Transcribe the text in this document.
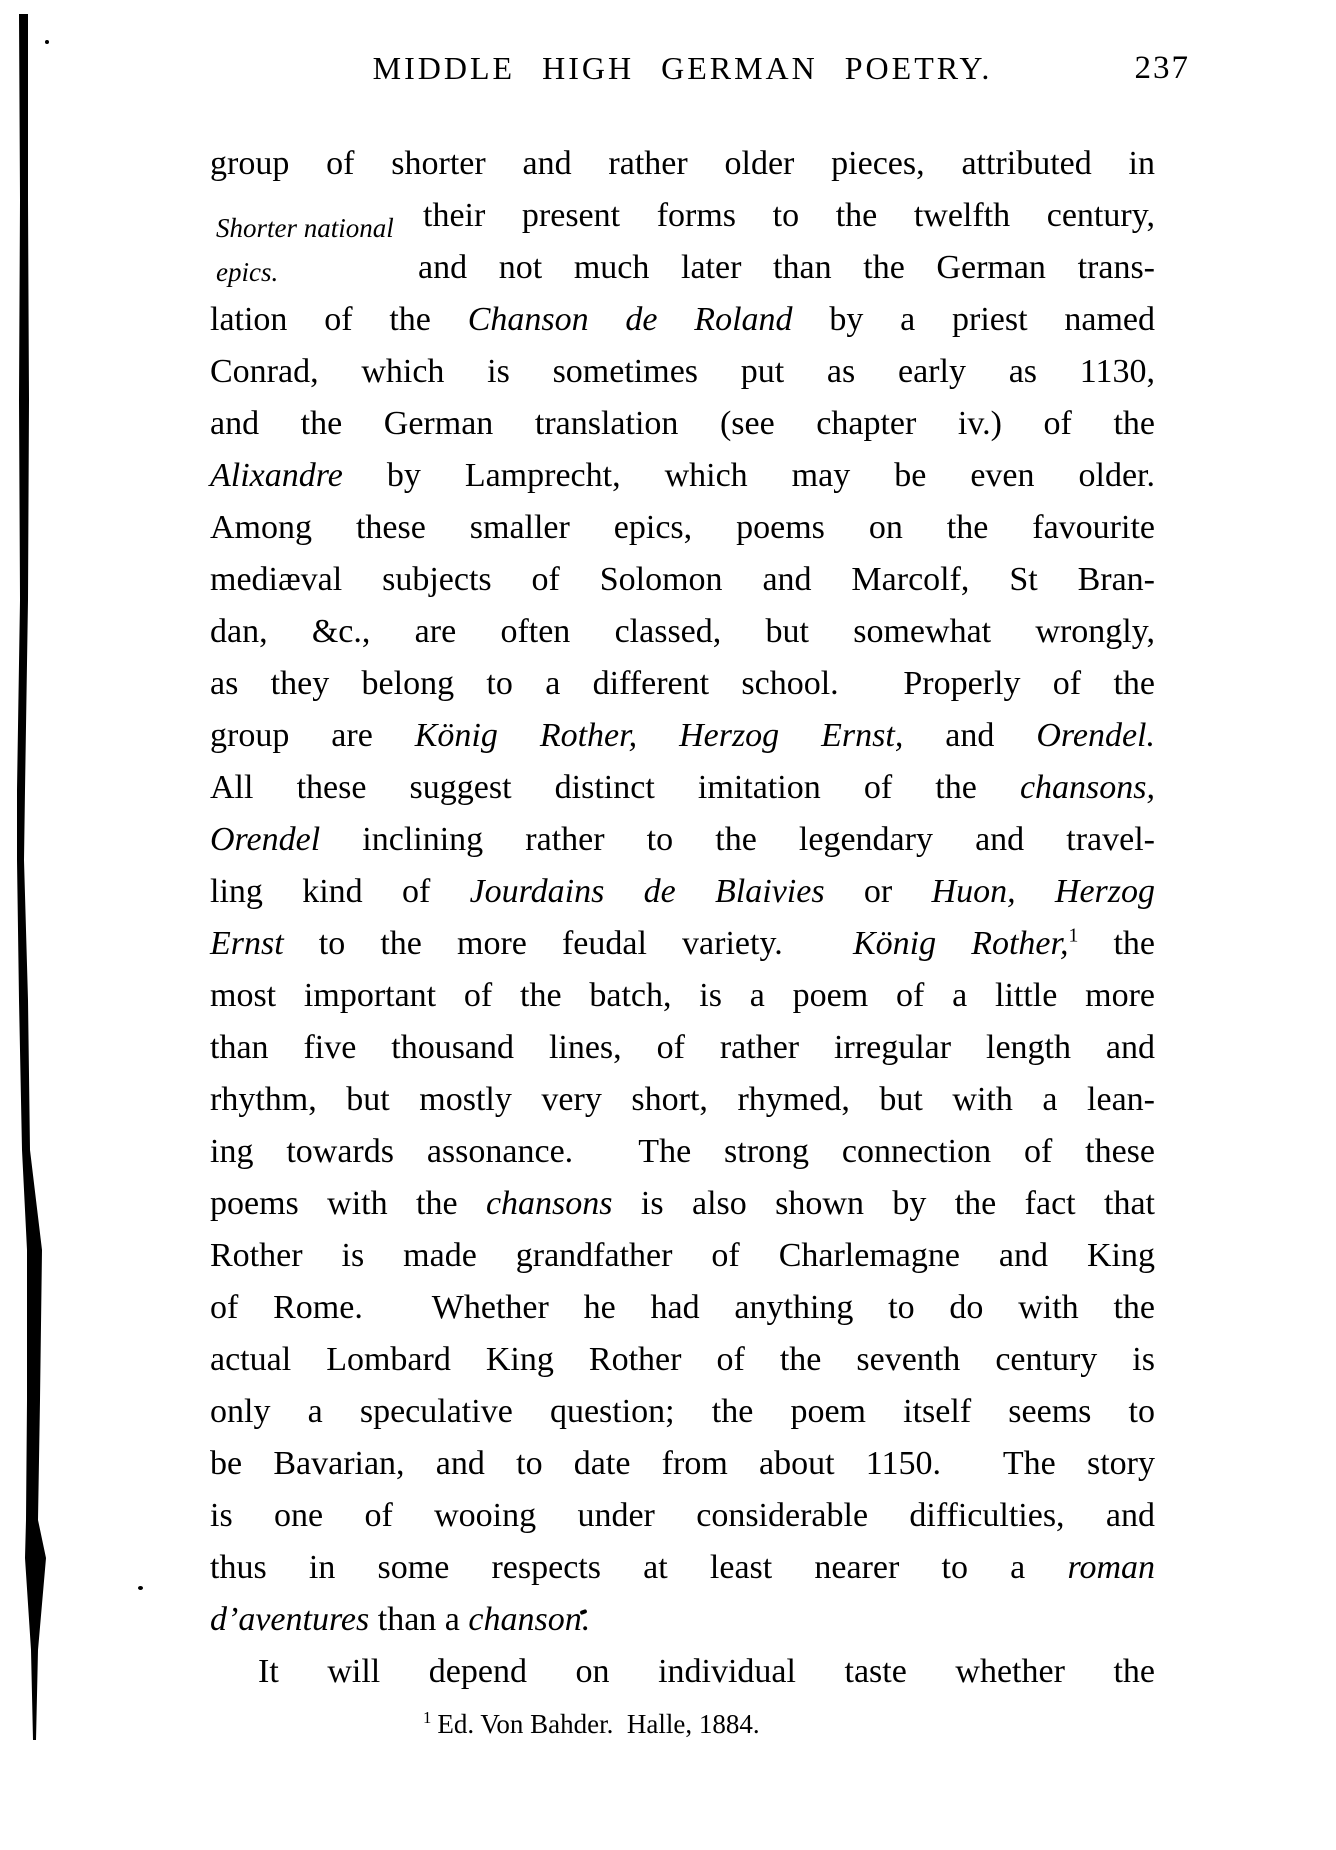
MIDDLE HIGH GERMAN POETRY.	237
Shorter national
epics.
group of shorter and rather older pieces, attributed in
their present forms to the twelfth century,
and not much later than the German trans-
lation of the Chanson de Roland by a priest named
Conrad, which is sometimes put as early as 1130,
and the German translation (see chapter iv.) of the
Alixandre by Lamprecht, which may be even older.
Among these smaller epics, poems on the favourite
mediæval subjects of Solomon and Marcolf, St Bran-
dan, &c., are often classed, but somewhat wrongly,
as they belong to a different school.  Properly of the
group are König Rother, Herzog Ernst, and Orendel.
All these suggest distinct imitation of the chansons,
Orendel inclining rather to the legendary and travel-
ling kind of Jourdains de Blaivies or Huon, Herzog
Ernst to the more feudal variety.  König Rother,$^1$ the
most important of the batch, is a poem of a little more
than five thousand lines, of rather irregular length and
rhythm, but mostly very short, rhymed, but with a lean-
ing towards assonance.  The strong connection of these
poems with the chansons is also shown by the fact that
Rother is made grandfather of Charlemagne and King
of Rome.  Whether he had anything to do with the
actual Lombard King Rother of the seventh century is
only a speculative question; the poem itself seems to
be Bavarian, and to date from about 1150.  The story
is one of wooing under considerable difficulties, and
thus in some respects at least nearer to a roman
d’aventures than a chanson.
It will depend on individual taste whether the
$^1$ Ed. Von Bahder.  Halle, 1884.
